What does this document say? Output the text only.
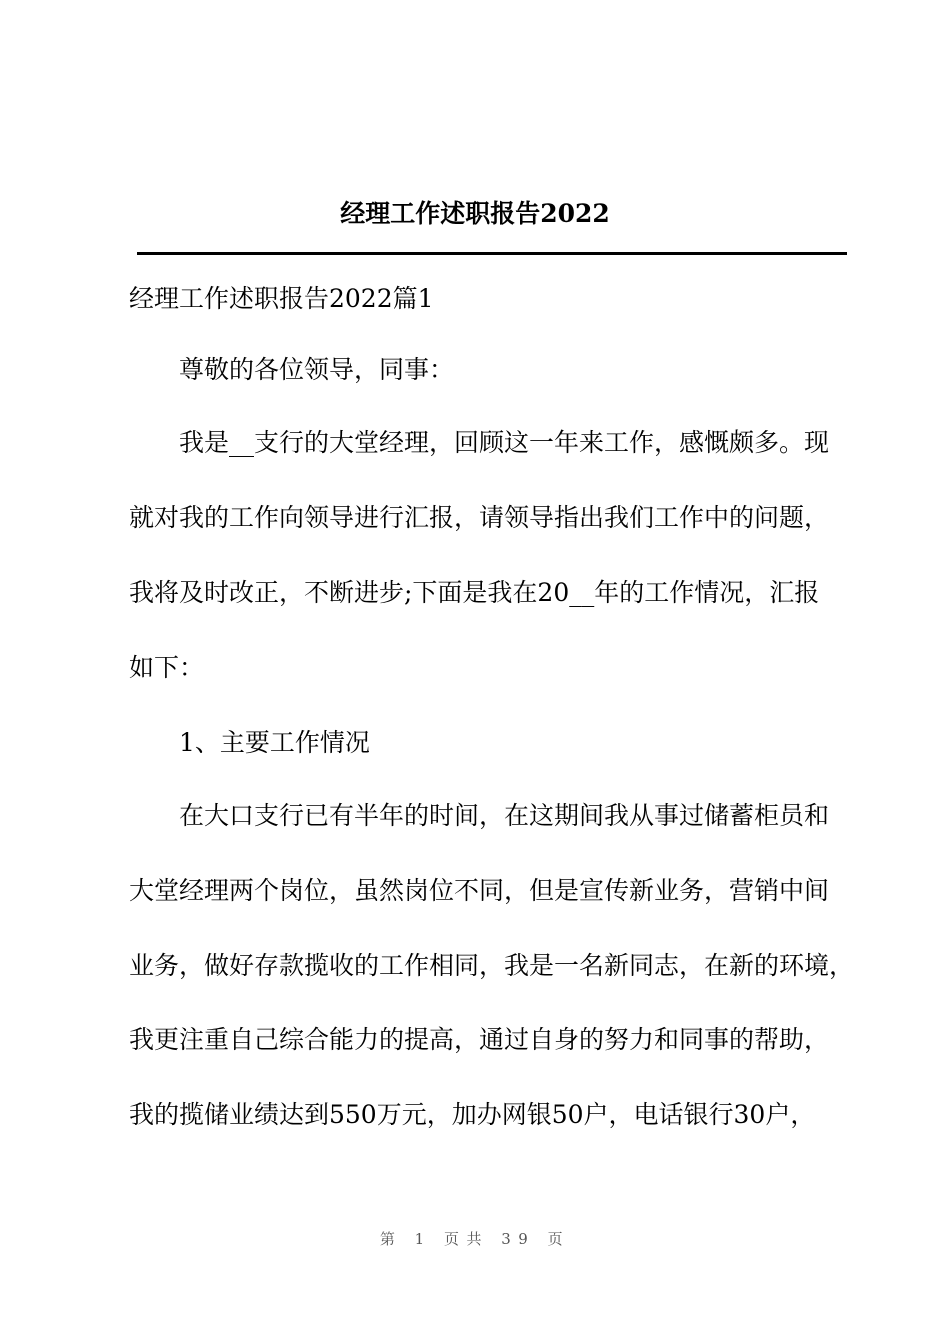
经理工作述职报告2022
经理工作述职报告2022篇1
尊敬的各位领导，同事：
我是__支行的大堂经理，回顾这一年来工作，感慨颇多。现
就对我的工作向领导进行汇报，请领导指出我们工作中的问题，
我将及时改正，不断进步;下面是我在20__年的工作情况，汇报
如下：
1、主要工作情况
在大口支行已有半年的时间，在这期间我从事过储蓄柜员和
大堂经理两个岗位，虽然岗位不同，但是宣传新业务，营销中间
业务，做好存款揽收的工作相同，我是一名新同志，在新的环境，
我更注重自己综合能力的提高，通过自身的努力和同事的帮助，
我的揽储业绩达到550万元，加办网银50户，电话银行30户，
第 1 页共 39 页
